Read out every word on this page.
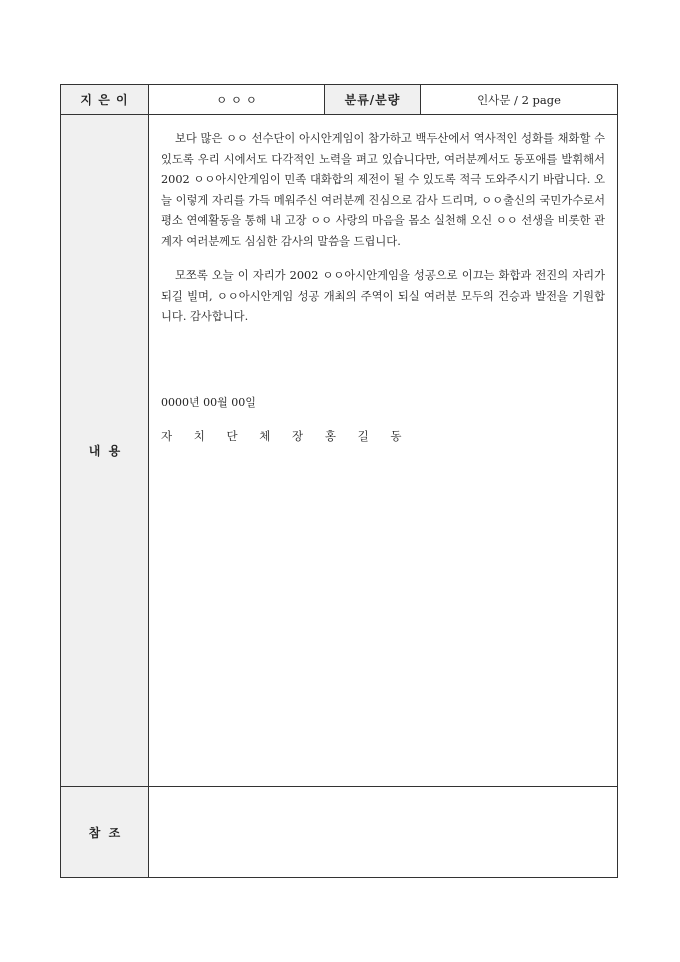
지 은 이	ㅇ ㅇ ㅇ	분류/분량	인사문 / 2 page
내  용	보다 많은 ㅇㅇ 선수단이 아시안게임이 참가하고 백두산에서 역사적인 성화를 채화할 수 있도록 우리 시에서도 다각적인 노력을 펴고 있습니다만, 여러분께서도 동포애를 발휘해서 2002 ㅇㅇ아시안게임이 민족 대화합의 제전이 될 수 있도록 적극 도와주시기 바랍니다. 오늘 이렇게 자리를 가득 메워주신 여러분께 진심으로 감사 드리며, ㅇㅇ출신의 국민가수로서 평소 연예활동을 통해 내 고장 ㅇㅇ 사랑의 마음을 몸소 실천해 오신 ㅇㅇ 선생을 비롯한 관계자 여러분께도 심심한 감사의 말씀을 드립니다.

모쪼록 오늘 이 자리가 2002 ㅇㅇ아시안게임을 성공으로 이끄는 화합과 전진의 자리가 되길 빌며, ㅇㅇ아시안게임 성공 개최의 주역이 되실 여러분 모두의 건승과 발전을 기원합니다. 감사합니다.

0000년 00월 00일
자 치 단 체 장 홍 길 동		

참  조			
